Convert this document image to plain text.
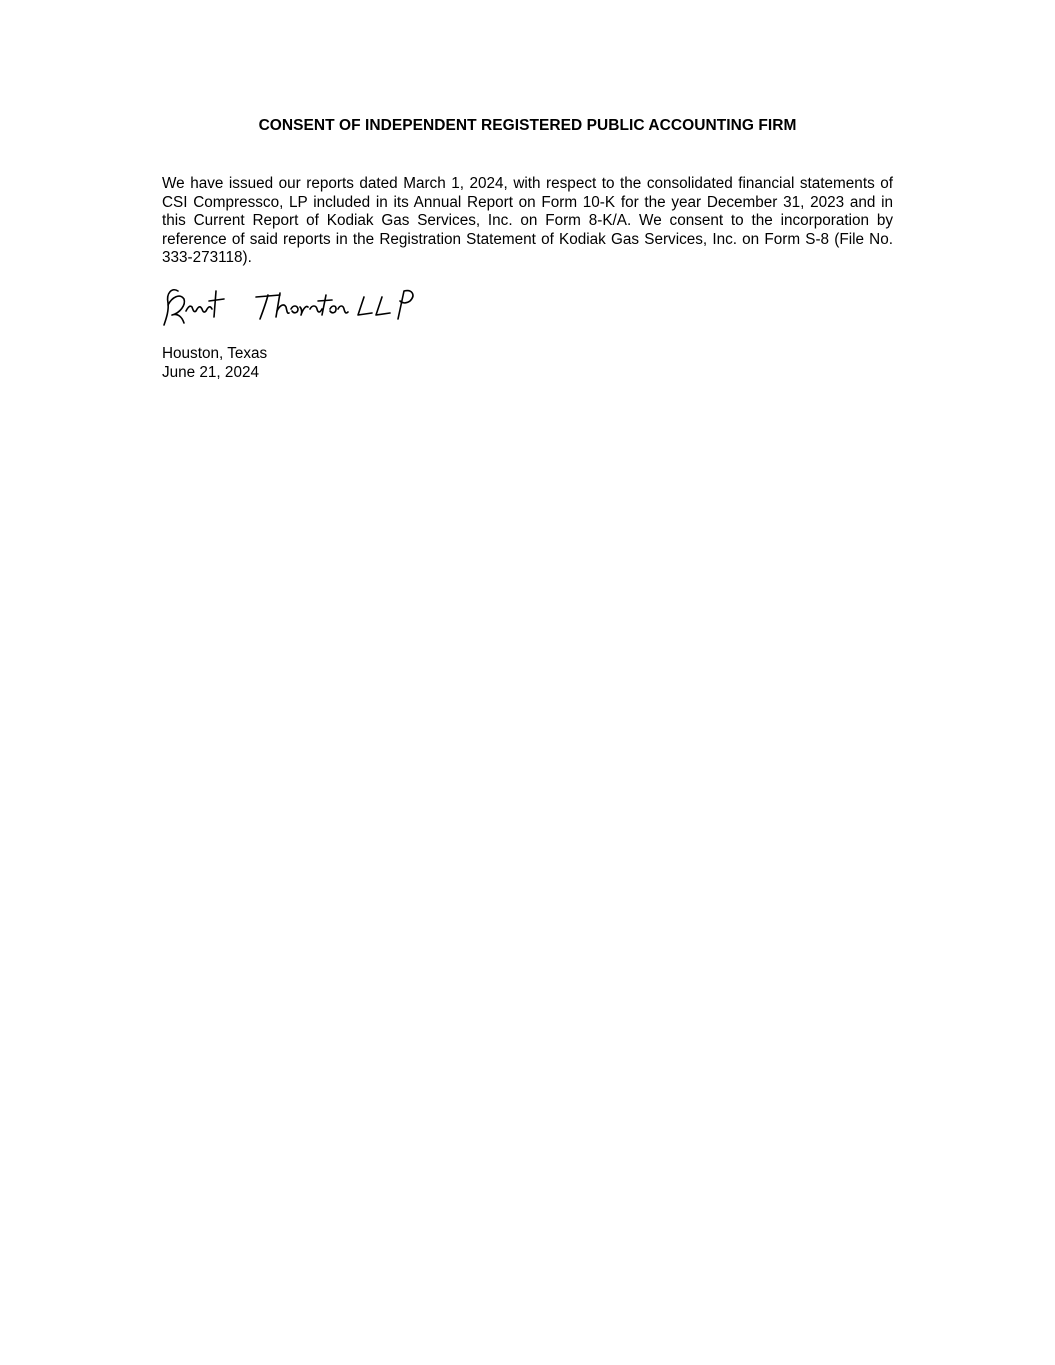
CONSENT OF INDEPENDENT REGISTERED PUBLIC ACCOUNTING FIRM

We have issued our reports dated March 1, 2024, with respect to the consolidated financial statements of CSI Compressco, LP included in its Annual Report on Form 10-K for the year December 31, 2023 and in this Current Report of Kodiak Gas Services, Inc. on Form 8-K/A. We consent to the incorporation by reference of said reports in the Registration Statement of Kodiak Gas Services, Inc. on Form S-8 (File No. 333-273118).

Houston, Texas
June 21, 2024
